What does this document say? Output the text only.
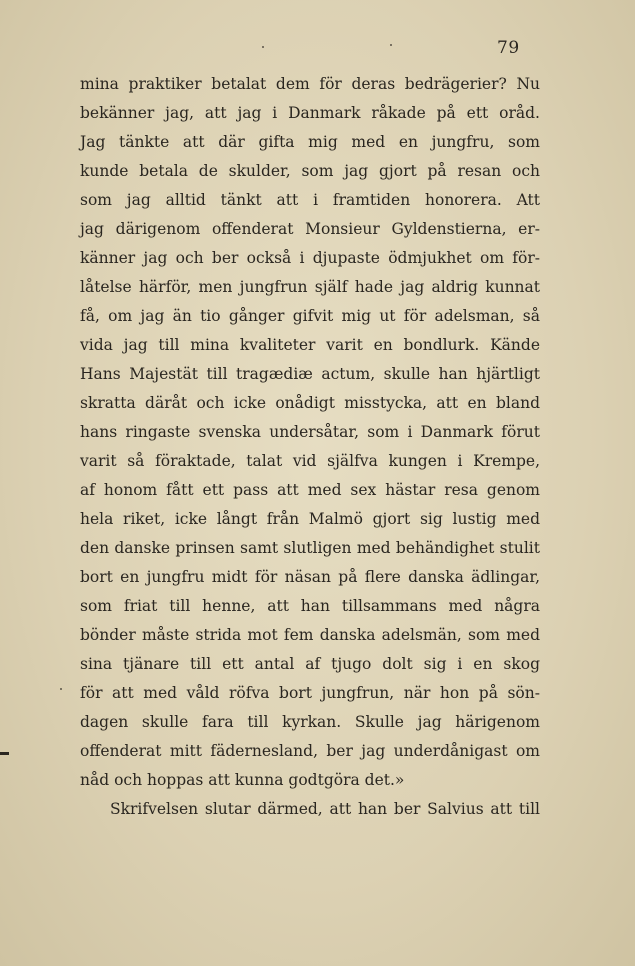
79
mina praktiker betalat dem för deras bedrägerier? Nu
bekänner jag, att jag i Danmark råkade på ett oråd.
Jag tänkte att där gifta mig med en jungfru, som
kunde betala de skulder, som jag gjort på resan och
som jag alltid tänkt att i framtiden honorera. Att
jag därigenom offenderat Monsieur Gyldenstierna, er-
känner jag och ber också i djupaste ödmjukhet om för-
låtelse härför, men jungfrun själf hade jag aldrig kunnat
få, om jag än tio gånger gifvit mig ut för adelsman, så
vida jag till mina kvaliteter varit en bondlurk. Kände
Hans Majestät till tragædiæ actum, skulle han hjärtligt
skratta däråt och icke onådigt misstycka, att en bland
hans ringaste svenska undersåtar, som i Danmark förut
varit så föraktade, talat vid själfva kungen i Krempe,
af honom fått ett pass att med sex hästar resa genom
hela riket, icke långt från Malmö gjort sig lustig med
den danske prinsen samt slutligen med behändighet stulit
bort en jungfru midt för näsan på flere danska ädlingar,
som friat till henne, att han tillsammans med några
bönder måste strida mot fem danska adelsmän, som med
sina tjänare till ett antal af tjugo dolt sig i en skog
för att med våld röfva bort jungfrun, när hon på sön-
dagen skulle fara till kyrkan. Skulle jag härigenom
offenderat mitt fädernesland, ber jag underdånigast om
nåd och hoppas att kunna godtgöra det.»
Skrifvelsen slutar därmed, att han ber Salvius att till
